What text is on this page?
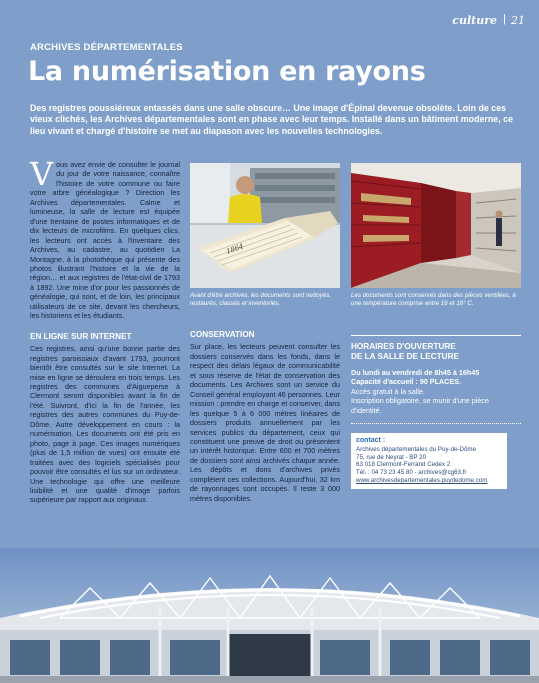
culture | 21
ARCHIVES DÉPARTEMENTALES
La numérisation en rayons

Des registres poussiéreux entassés dans une salle obscure… Une image d'Épinal devenue obsolète. Loin de ces vieux clichés, les Archives départementales sont en phase avec leur temps. Installé dans un bâtiment moderne, ce lieu vivant et chargé d'histoire se met au diapason avec les nouvelles technologies.

Vous avez envie de consulter le journal du jour de votre naissance, connaître l'histoire de votre commune ou faire votre arbre généalogique ? Direction les Archives départementales. Calme et lumineuse, la salle de lecture est équipée d'une trentaine de postes informatiques et de dix lecteurs de microfilms. En quelques clics, les lecteurs ont accès à l'inventaire des Archives, au cadastre, au quotidien La Montagne, à la photothèque qui présente des photos illustrant l'histoire et la vie de la région… et aux registres de l'état-civil de 1793 à 1892. Une mine d'or pour les passionnés de généalogie, qui sont, et de loin, les principaux utilisateurs de ce site, devant les chercheurs, les historiens et les étudiants.

EN LIGNE SUR INTERNET

Ces registres, ainsi qu'une bonne partie des registres paroissiaux d'avant 1793, pourront bientôt être consultés sur le site Internet. La mise en ligne se déroulera en trois temps. Les registres des communes d'Aigueperse à Clermont seront disponibles avant la fin de l'été. Suivront, d'ici la fin de l'année, les registres des autres communes du Puy-de-Dôme. Autre développement en cours : la numérisation. Les documents ont été pris en photo, page à page. Ces images numériques (plus de 1,5 million de vues) ont ensuite été traitées avec des logiciels spécialisés pour pouvoir être consultés et lus sur un ordinateur. Une technologie qui offre une meilleure lisibilité et une qualité d'image parfois supérieure par rapport aux originaux.

1864

Avant d'être archivés, les documents sont nettoyés, restaurés, classés et inventoriés.

Les documents sont conservés dans des pièces ventilées, à une température comprise entre 16 et 18° C.

CONSERVATION

Sur place, les lecteurs peuvent consulter les dossiers conservés dans les fonds, dans le respect des délais légaux de communicabilité et sous réserve de l'état de conservation des documents. Les Archives sont un service du Conseil général employant 46 personnes. Leur mission : prendre en charge et conserver, dans les quelque 5 à 6 000 mètres linéaires de dossiers produits annuellement par les services publics du département, ceux qui constituent une preuve de droit ou présentent un intérêt historique. Entre 600 et 700 mètres de dossiers sont ainsi archivés chaque année. Les dépôts et dons d'archives privés complètent ces collections. Aujourd'hui, 32 km de rayonnages sont occupés. Il reste 3 000 mètres disponibles.

HORAIRES D'OUVERTURE
DE LA SALLE DE LECTURE
Du lundi au vendredi de 8h45 à 16h45
Capacité d'accueil : 90 PLACES.
Accès gratuit à la salle.
Inscription obligatoire, se munir d'une pièce d'identité.
contact :
Archives départementales du Puy-de-Dôme
75, rue de Neyrat - BP 20
63 018 Clermont-Ferrand Cedex 2
Tél. : 04 73 23 45 80 - archives@cg63.fr
www.archivesdepartementales.puydedome.com
